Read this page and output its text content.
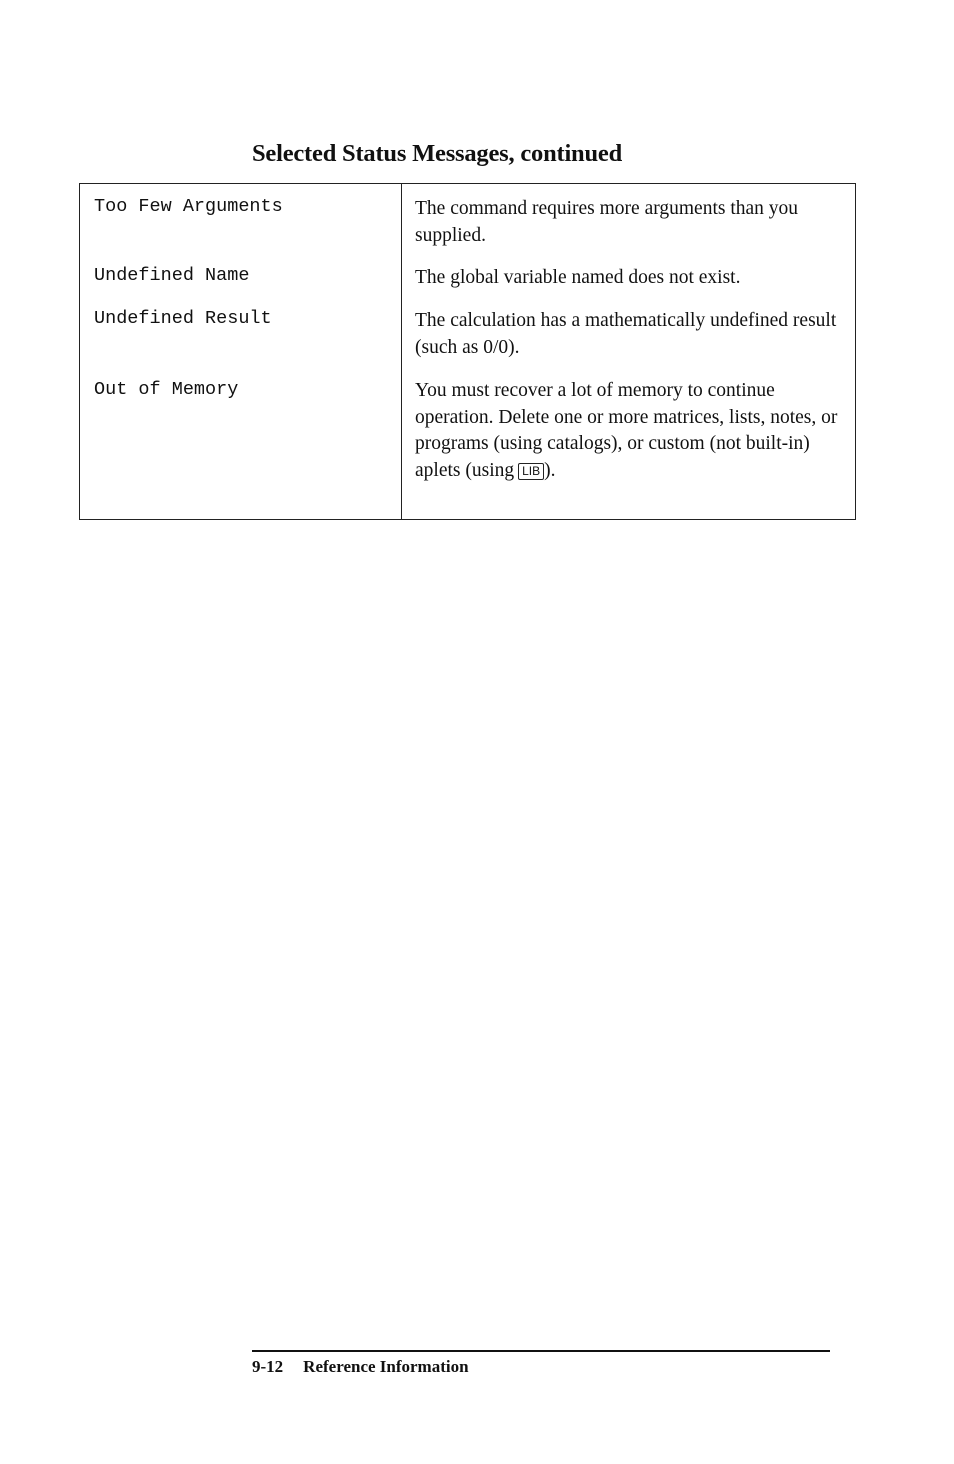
Selected Status Messages, continued
Too Few Arguments	The command requires more arguments than you supplied.

Undefined Name	The global variable named does not exist.

Undefined Result	The calculation has a mathematically undefined result (such as 0/0).

Out of Memory	You must recover a lot of memory to continue operation. Delete one or more matrices, lists, notes, or programs (using catalogs), or custom (not built-in) aplets (using LIB ).

9-12 Reference Information
